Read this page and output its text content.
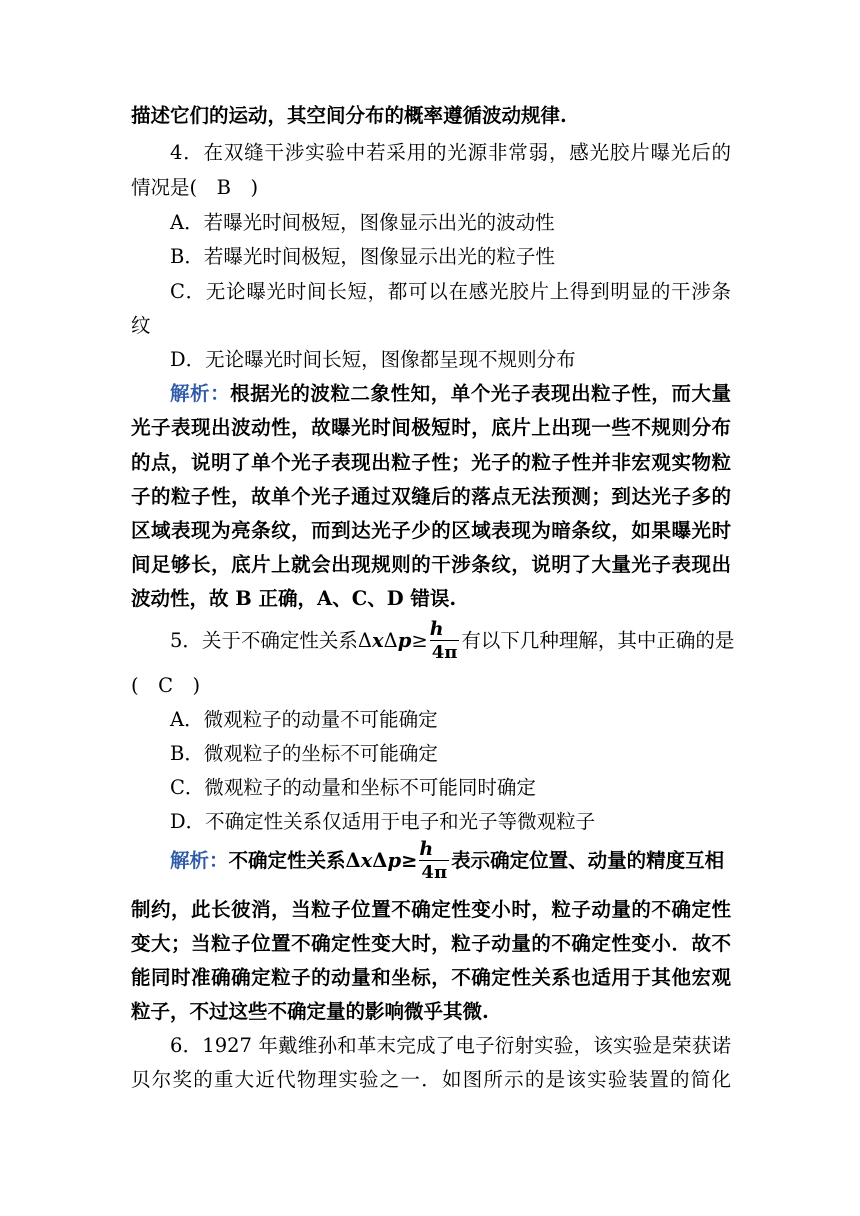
描述它们的运动，其空间分布的概率遵循波动规律.
4．在双缝干涉实验中若采用的光源非常弱，感光胶片曝光后的
情况是(　B　)
A．若曝光时间极短，图像显示出光的波动性
B．若曝光时间极短，图像显示出光的粒子性
C．无论曝光时间长短，都可以在感光胶片上得到明显的干涉条
纹
D．无论曝光时间长短，图像都呈现不规则分布
解析：根据光的波粒二象性知，单个光子表现出粒子性，而大量
光子表现出波动性，故曝光时间极短时，底片上出现一些不规则分布
的点，说明了单个光子表现出粒子性；光子的粒子性并非宏观实物粒
子的粒子性，故单个光子通过双缝后的落点无法预测；到达光子多的
区域表现为亮条纹，而到达光子少的区域表现为暗条纹，如果曝光时
间足够长，底片上就会出现规则的干涉条纹，说明了大量光子表现出
波动性，故 B 正确，A、C、D 错误.
5．关于不确定性关系$\Delta x\Delta p\ge \frac{h}{4\pi}$ 有以下几种理解，其中正确的是
(　C　)
A．微观粒子的动量不可能确定
B．微观粒子的坐标不可能确定
C．微观粒子的动量和坐标不可能同时确定
D．不确定性关系仅适用于电子和光子等微观粒子
解析：不确定性关系$\Delta x\Delta p\ge \frac{h}{4\pi}$ 表示确定位置、动量的精度互相
制约，此长彼消，当粒子位置不确定性变小时，粒子动量的不确定性
变大；当粒子位置不确定性变大时，粒子动量的不确定性变小．故不
能同时准确确定粒子的动量和坐标，不确定性关系也适用于其他宏观
粒子，不过这些不确定量的影响微乎其微.
6．1927 年戴维孙和革末完成了电子衍射实验，该实验是荣获诺
贝尔奖的重大近代物理实验之一．如图所示的是该实验装置的简化
